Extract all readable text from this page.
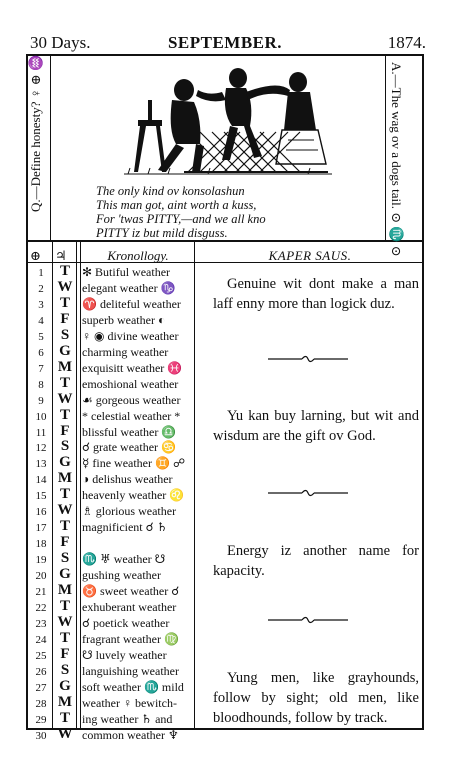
30 Days.	SEPTEMBER.	1874.
Q.—Define honesty? ♀ ⊕ ♒	A.—The wag ov a dogs tail. ⊙ ♏ ⊙
The only kind ov konsolashun
This man got, aint worth a kuss,
For 'twas PITTY,—and we all kno
PITTY iz but mild disguss.
⊕ ♃	Kronollogy.	KAPER SAUS.
1	T	✻ Butiful weather
2 W elegant weather ♑
3	T	♈ deliteful weather
4	F	superb weather ◐
5	S	♀ ◉ divine weather
6	G charming weather
7 M exquisitt weather ♓
8	T	emoshional weather
9 W ☙ gorgeous weather
10 T	* celestial weather *
11 F	blissful weather ♎
12 S	☌ grate weather ♋
13 G ☿ fine weather ♊ ☍
14 M ◑ delishus weather
15 T	heavenly weather ♌
16 W ♗ glorious weather
17 T	magnificient ☌ ♄
18 F
19 S	♏ ♅ weather ☋
20 G gushing weather
21 M ♉ sweet weather ☌
22 T	exhuberant weather
23 W ☌ poetick weather
24 T	fragrant weather ♍
25 F	☋ luvely weather
26 S	languishing weather
27 G soft weather ♏ mild
28 M weather ♀ bewitch-
29 T	ing weather ♄ and
30 W common weather ♆

Genuine wit dont make a man laff enny more than logick duz.

Yu kan buy larning, but wit and wisdum are the gift ov God.

Energy iz another name for kapacity.

Yung men, like grayhounds, follow by sight; old men, like bloodhounds, follow by track.
